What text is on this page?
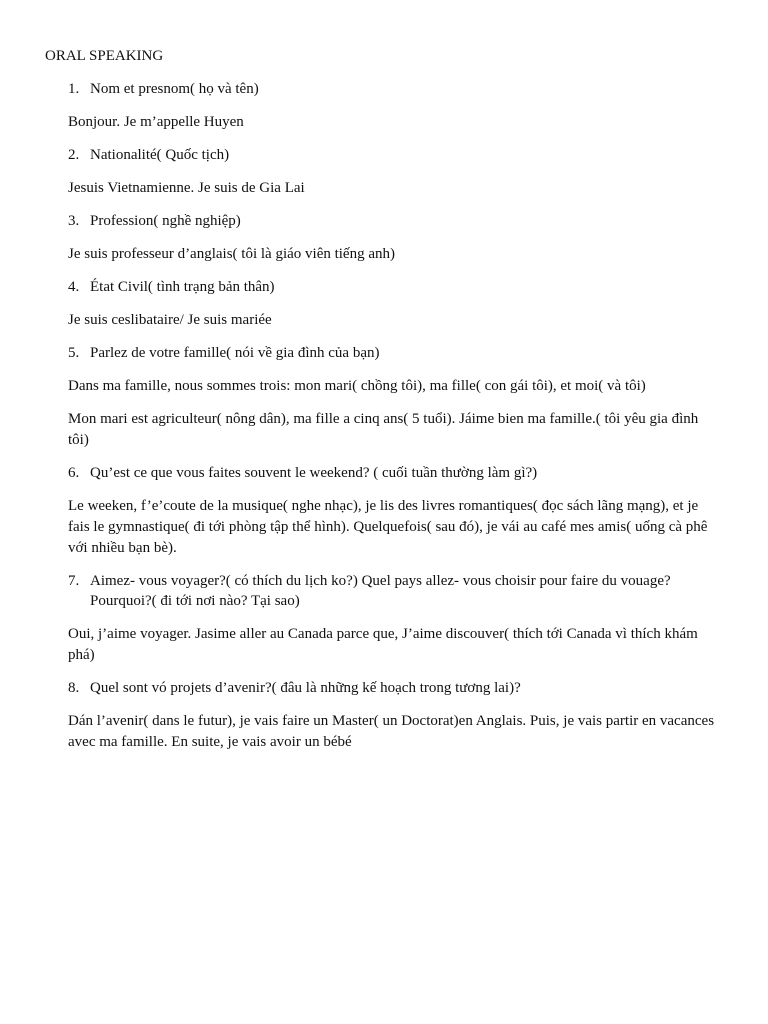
ORAL SPEAKING
1. Nom et presnom( họ và tên)
Bonjour. Je m’appelle Huyen
2. Nationalité( Quốc tịch)
Jesuis Vietnamienne. Je suis de Gia Lai
3. Profession( nghề nghiệp)
Je suis professeur d’anglais( tôi là giáo viên tiếng anh)
4. État Civil( tình trạng bản thân)
Je suis ceslibataire/ Je suis mariée
5. Parlez de votre famille( nói về gia đình của bạn)
Dans ma famille, nous sommes trois: mon mari( chồng tôi), ma fille( con gái tôi), et moi( và tôi)
Mon mari est agriculteur( nông dân), ma fille a cinq ans( 5 tuổi). Jáime bien ma famille.( tôi yêu gia đình tôi)
6. Qu’est ce que vous faites souvent le weekend? ( cuối tuần thường làm gì?)
Le weeken, f’e’coute de la musique( nghe nhạc), je lis des livres romantiques( đọc sách lãng mạng), et je fais le gymnastique( đi tới phòng tập thể hình). Quelquefois( sau đó), je vái au café mes amis( uống cà phê với nhiều bạn bè).
7. Aimez- vous voyager?( có thích du lịch ko?) Quel pays allez- vous choisir pour faire du vouage? Pourquoi?( đi tới nơi nào? Tại sao)
Oui, j’aime voyager. Jasime aller au Canada parce que, J’aime discouver( thích tới Canada vì thích khám phá)
8. Quel sont vó projets d’avenir?( đâu là những kế hoạch trong tương lai)?
Dán l’avenir( dans le futur), je vais faire un Master( un Doctorat)en Anglais. Puis, je vais partir en vacances avec ma famille. En suite, je vais avoir un bébé
